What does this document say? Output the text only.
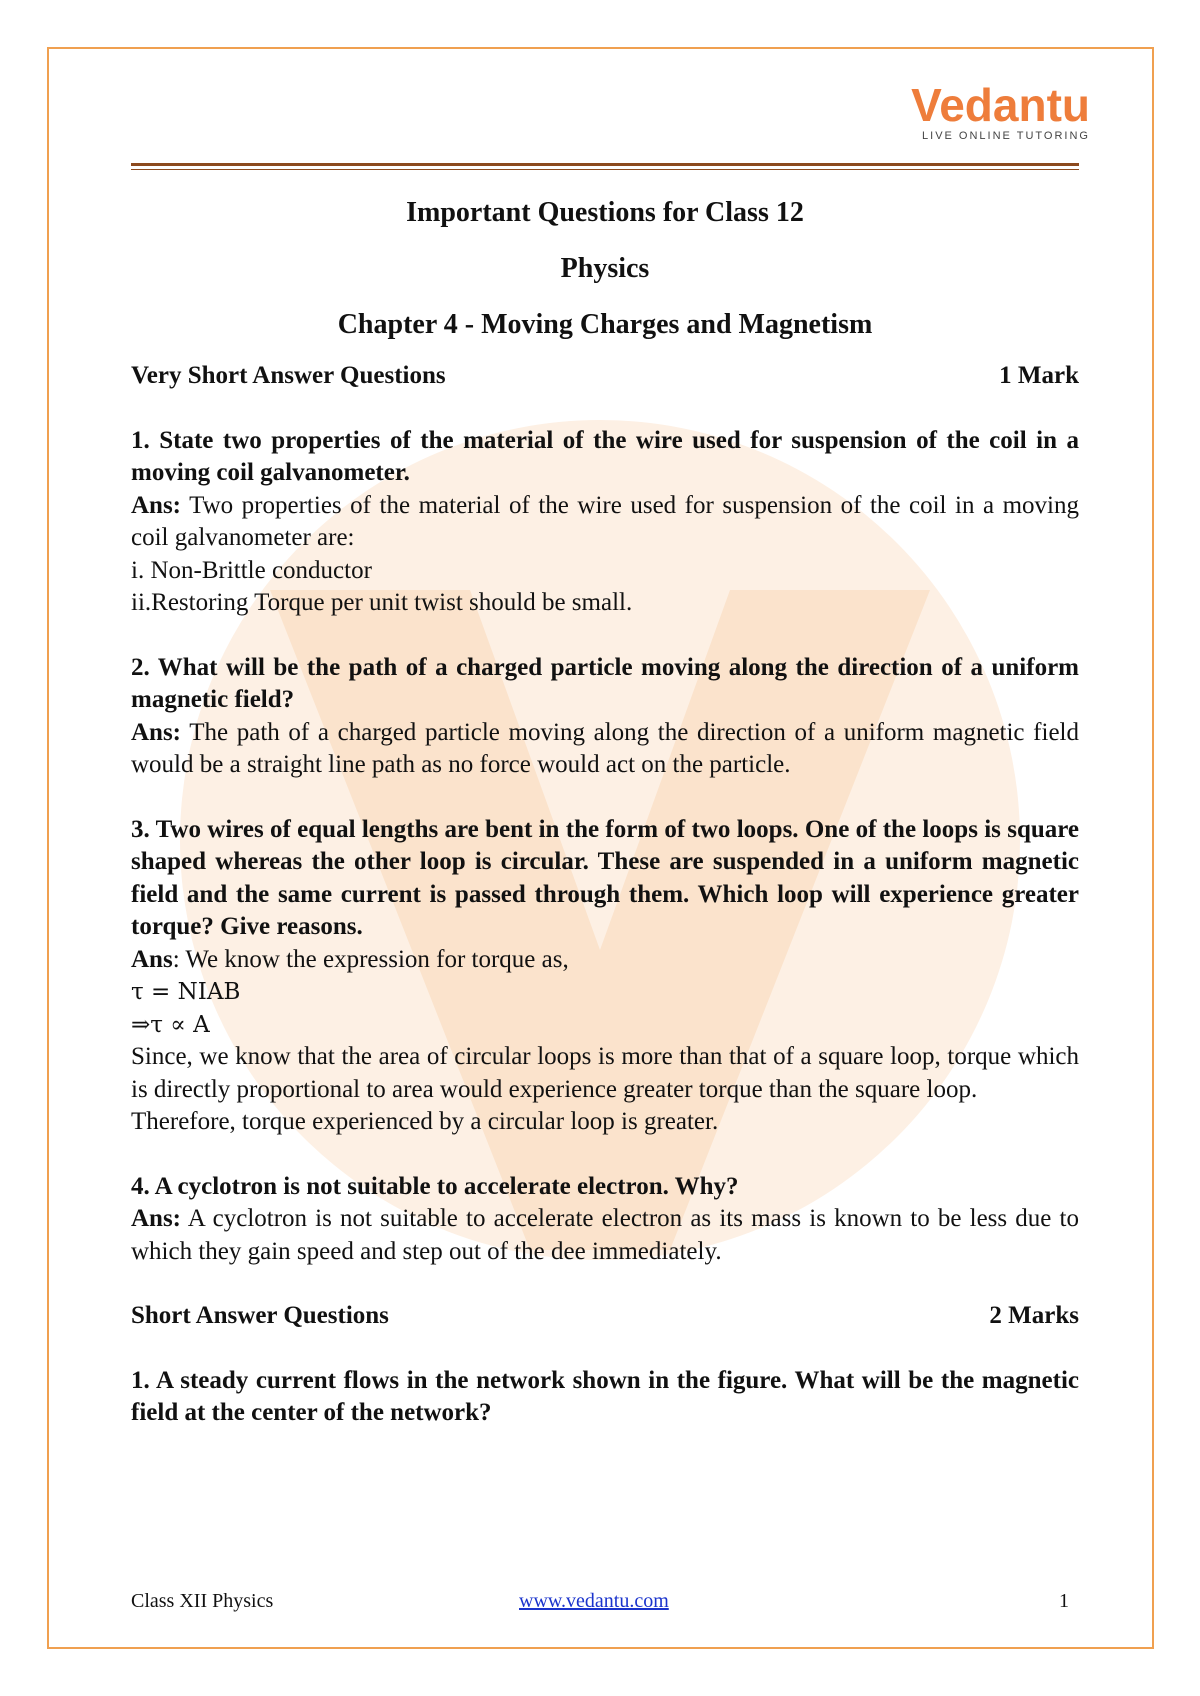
Vedantu
LIVE ONLINE TUTORING
Important Questions for Class 12
Physics
Chapter 4 - Moving Charges and Magnetism
Very Short Answer Questions	1 Mark
1. State two properties of the material of the wire used for suspension of the coil in a moving coil galvanometer.
Ans: Two properties of the material of the wire used for suspension of the coil in a moving coil galvanometer are:
i. Non-Brittle conductor
ii.Restoring Torque per unit twist should be small.
2. What will be the path of a charged particle moving along the direction of a uniform magnetic field?
Ans: The path of a charged particle moving along the direction of a uniform magnetic field would be a straight line path as no force would act on the particle.
3. Two wires of equal lengths are bent in the form of two loops. One of the loops is square shaped whereas the other loop is circular. These are suspended in a uniform magnetic field and the same current is passed through them. Which loop will experience greater torque? Give reasons.
Ans: We know the expression for torque as,
τ = NIAB
⇒τ ∝ A
Since, we know that the area of circular loops is more than that of a square loop, torque which is directly proportional to area would experience greater torque than the square loop.
Therefore, torque experienced by a circular loop is greater.
4. A cyclotron is not suitable to accelerate electron. Why?
Ans: A cyclotron is not suitable to accelerate electron as its mass is known to be less due to which they gain speed and step out of the dee immediately.
Short Answer Questions	2 Marks
1. A steady current flows in the network shown in the figure. What will be the magnetic field at the center of the network?
Class XII Physics	www.vedantu.com	1
